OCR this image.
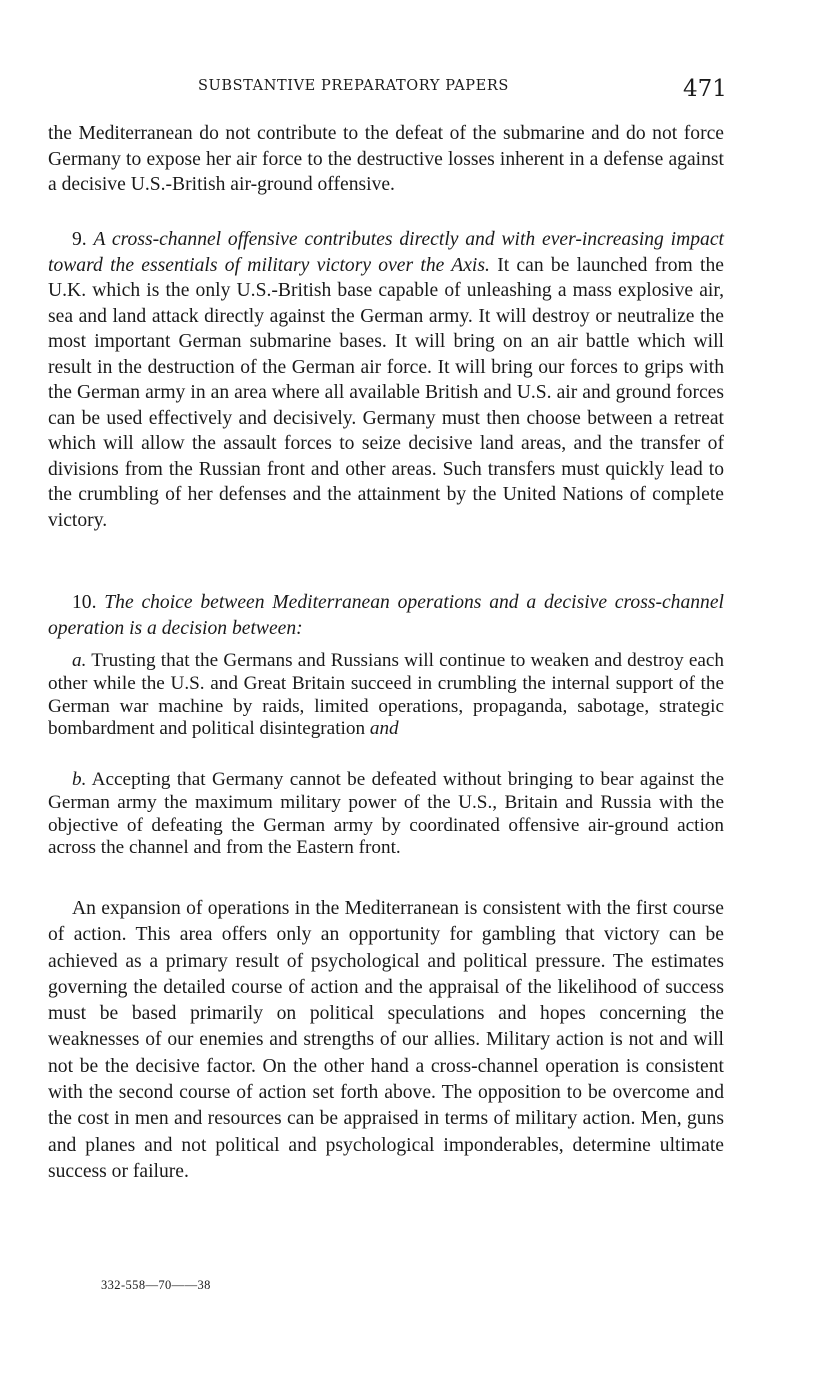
SUBSTANTIVE PREPARATORY PAPERS	471

the Mediterranean do not contribute to the defeat of the submarine and do not force Germany to expose her air force to the destructive losses inherent in a defense against a decisive U.S.-British air-ground offensive.

9. A cross-channel offensive contributes directly and with ever-increasing impact toward the essentials of military victory over the Axis. It can be launched from the U.K. which is the only U.S.-British base capable of unleashing a mass explosive air, sea and land attack directly against the German army. It will destroy or neutralize the most important German submarine bases. It will bring on an air battle which will result in the destruction of the German air force. It will bring our forces to grips with the German army in an area where all available British and U.S. air and ground forces can be used effectively and decisively. Germany must then choose between a retreat which will allow the assault forces to seize decisive land areas, and the transfer of divisions from the Russian front and other areas. Such transfers must quickly lead to the crumbling of her defenses and the attainment by the United Nations of complete victory.

10. The choice between Mediterranean operations and a decisive cross-channel operation is a decision between:

a. Trusting that the Germans and Russians will continue to weaken and destroy each other while the U.S. and Great Britain succeed in crumbling the internal support of the German war machine by raids, limited operations, propaganda, sabotage, strategic bombardment and political disintegration and

b. Accepting that Germany cannot be defeated without bringing to bear against the German army the maximum military power of the U.S., Britain and Russia with the objective of defeating the German army by coordinated offensive air-ground action across the channel and from the Eastern front.

An expansion of operations in the Mediterranean is consistent with the first course of action. This area offers only an opportunity for gambling that victory can be achieved as a primary result of psychological and political pressure. The estimates governing the detailed course of action and the appraisal of the likelihood of success must be based primarily on political speculations and hopes concerning the weaknesses of our enemies and strengths of our allies. Military action is not and will not be the decisive factor. On the other hand a cross-channel operation is consistent with the second course of action set forth above. The opposition to be overcome and the cost in men and resources can be appraised in terms of military action. Men, guns and planes and not political and psychological imponderables, determine ultimate success or failure.

332-558—70——38
